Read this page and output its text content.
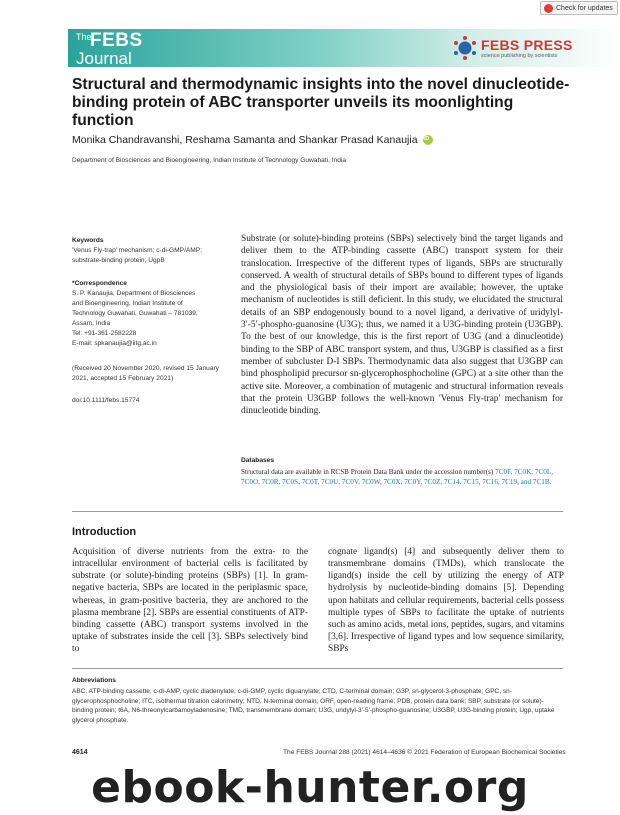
Check for updates
The
FEBS
Journal
FEBS PRESS
science publishing by scientists
Structural and thermodynamic insights into the novel dinucleotide-binding protein of ABC transporter unveils its moonlighting function
Monika Chandravanshi, Reshama Samanta and Shankar Prasad Kanaujia
iD
Department of Biosciences and Bioengineering, Indian Institute of Technology Guwahati, India
Keywords
'Venus Fly-trap' mechanism; c-di-GMP/AMP; substrate-binding protein; UgpB
*Correspondence
S. P. Kanaujia, Department of Biosciences
and Bioengineering, Indian Institute of
Technology Guwahati, Guwahati – 781039,
Assam, India
Tel: +91-361-2582228
E-mail: spkanaujia@iitg.ac.in
(Received 20 November 2020, revised 15 January 2021, accepted 15 February 2021)
doi:10.1111/febs.15774
Substrate (or solute)-binding proteins (SBPs) selectively bind the target ligands and deliver them to the ATP-binding cassette (ABC) transport system for their translocation. Irrespective of the different types of ligands, SBPs are structurally conserved. A wealth of structural details of SBPs bound to different types of ligands and the physiological basis of their import are available; however, the uptake mechanism of nucleotides is still deficient. In this study, we elucidated the structural details of an SBP endogenously bound to a novel ligand, a derivative of uridylyl-3′-5′-phospho-guanosine (U3G); thus, we named it a U3G-binding protein (U3GBP). To the best of our knowledge, this is the first report of U3G (and a dinucleotide) binding to the SBP of ABC transport system, and thus, U3GBP is classified as a first member of subcluster D-I SBPs. Thermodynamic data also suggest that U3GBP can bind phospholipid precursor sn-glycerophosphocholine (GPC) at a site other than the active site. Moreover, a combination of mutagenic and structural information reveals that the protein U3GBP follows the well-known 'Venus Fly-trap' mechanism for dinucleotide binding.
Databases
Structural data are available in RCSB Protein Data Bank under the accession number(s) 7C0F, 7C0K, 7C0L, 7C0O, 7C0R, 7C0S, 7C0T, 7C0U, 7C0V, 7C0W, 7C0X, 7C0Y, 7C0Z, 7C14, 7C15, 7C16, 7C19, and 7C1B.
Introduction
Acquisition of diverse nutrients from the extra- to the intracellular environment of bacterial cells is facilitated by substrate (or solute)-binding proteins (SBPs) [1]. In gram-negative bacteria, SBPs are located in the periplasmic space, whereas, in gram-positive bacteria, they are anchored to the plasma membrane [2]. SBPs are essential constituents of ATP-binding cassette (ABC) transport systems involved in the uptake of substrates inside the cell [3]. SBPs selectively bind to
cognate ligand(s) [4] and subsequently deliver them to transmembrane domains (TMDs), which translocate the ligand(s) inside the cell by utilizing the energy of ATP hydrolysis by nucleotide-binding domains [5]. Depending upon habitats and cellular requirements, bacterial cells possess multiple types of SBPs to facilitate the uptake of nutrients such as amino acids, metal ions, peptides, sugars, and vitamins [3,6]. Irrespective of ligand types and low sequence similarity, SBPs
Abbreviations
ABC, ATP-binding cassette; c-di-AMP, cyclic diadenylate; c-di-GMP, cyclic diguanylate; CTD, C-terminal domain; G3P, sn-glycerol-3-phosphate; GPC, sn-glycerophosphocholine; ITC, isothermal titration calorimetry; NTD, N-terminal domain; ORF, open-reading frame; PDB, protein data bank; SBP, substrate (or solute)-binding protein; t6A, N6-threonylcarbamoyladenosine; TMD, transmembrane domain; U3G, uridylyl-3′-5′-phospho-guanosine; U3GBP, U3G-binding protein; Ugp, uptake glycerol phosphate.
4614	The FEBS Journal 288 (2021) 4614–4636 © 2021 Federation of European Biochemical Societies
ebook-hunter.org
